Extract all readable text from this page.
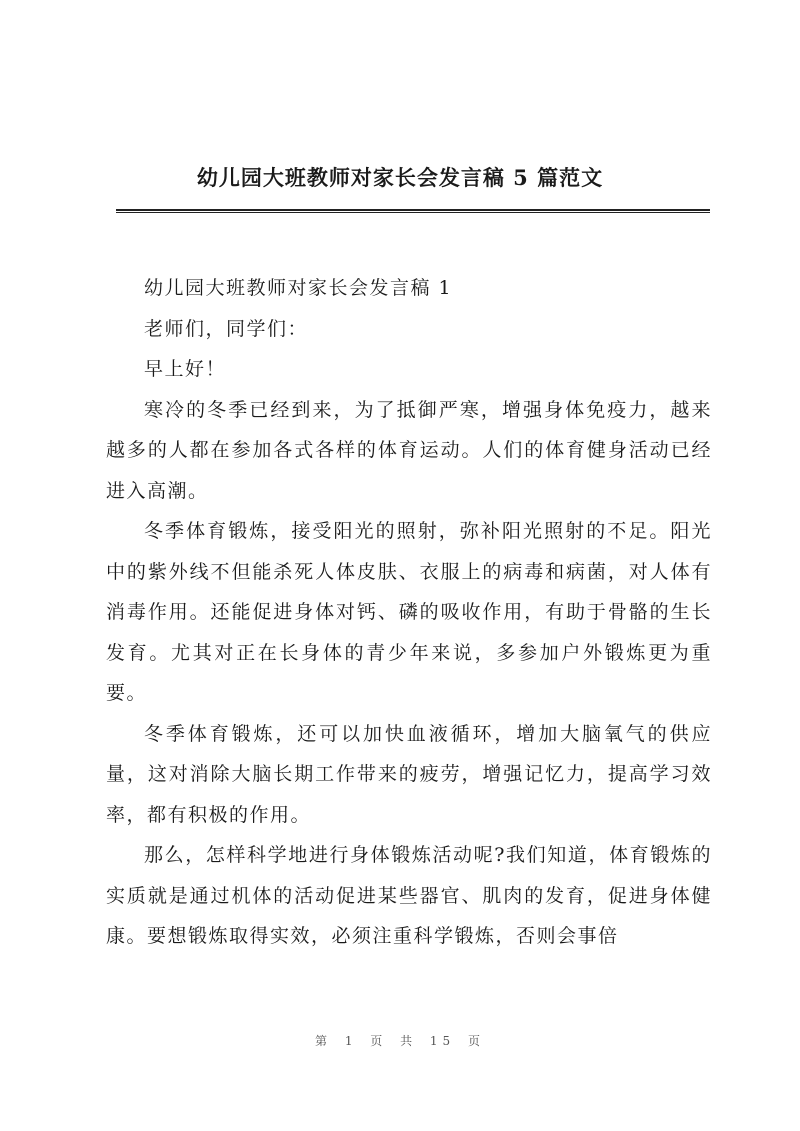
幼儿园大班教师对家长会发言稿 5 篇范文

幼儿园大班教师对家长会发言稿 1

老师们，同学们：

早上好！

寒冷的冬季已经到来，为了抵御严寒，增强身体免疫力，越来越多的人都在参加各式各样的体育运动。人们的体育健身活动已经进入高潮。

冬季体育锻炼，接受阳光的照射，弥补阳光照射的不足。阳光中的紫外线不但能杀死人体皮肤、衣服上的病毒和病菌，对人体有消毒作用。还能促进身体对钙、磷的吸收作用，有助于骨骼的生长发育。尤其对正在长身体的青少年来说，多参加户外锻炼更为重要。

冬季体育锻炼，还可以加快血液循环，增加大脑氧气的供应量，这对消除大脑长期工作带来的疲劳，增强记忆力，提高学习效率，都有积极的作用。

那么，怎样科学地进行身体锻炼活动呢?我们知道，体育锻炼的实质就是通过机体的活动促进某些器官、肌肉的发育，促进身体健康。要想锻炼取得实效，必须注重科学锻炼，否则会事倍

第 1 页 共 15 页
